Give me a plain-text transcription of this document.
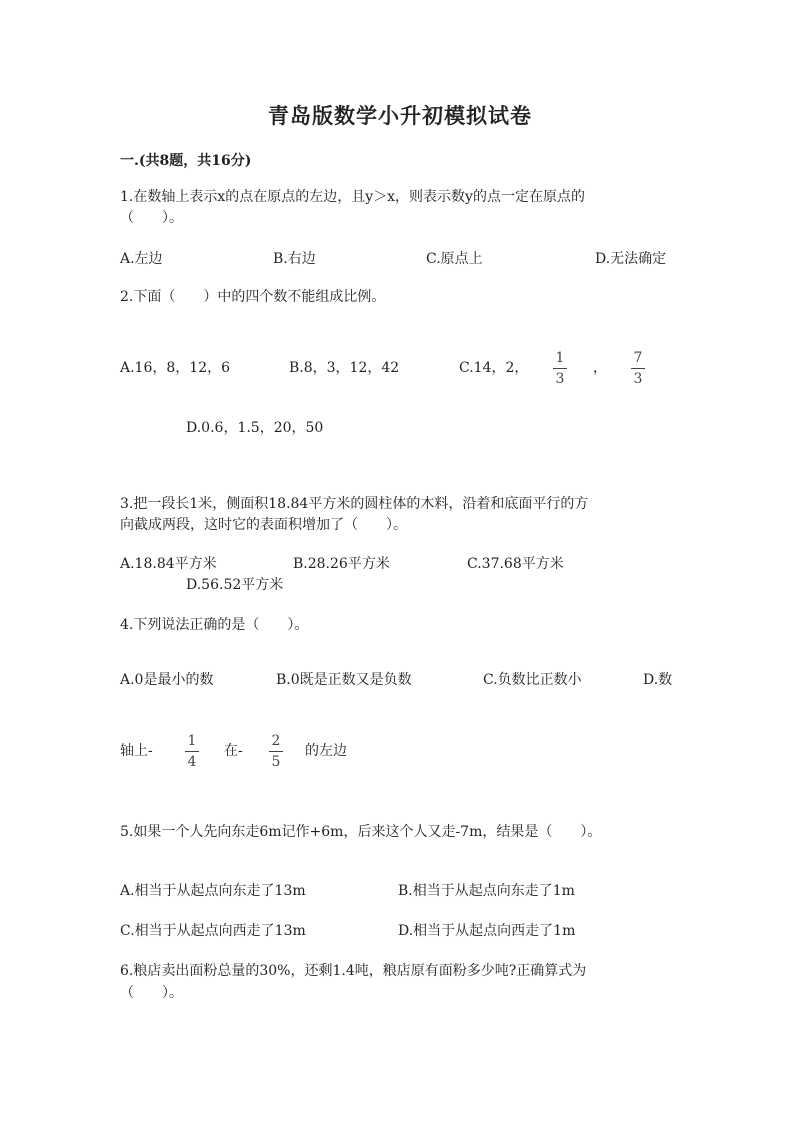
青岛版数学小升初模拟试卷
一.(共8题，共16分)
1.在数轴上表示x的点在原点的左边，且y＞x，则表示数y的点一定在原点的
（　　）。
A.左边	B.右边	C.原点上	D.无法确定
2.下面（　　）中的四个数不能组成比例。
A.16，8，12，6	B.8，3，12，42	C.14，2，
1
3
，
7
3
D.0.6，1.5，20，50
3.把一段长1米，侧面积18.84平方米的圆柱体的木料，沿着和底面平行的方
向截成两段，这时它的表面积增加了（　　）。
A.18.84平方米	B.28.26平方米	C.37.68平方米
D.56.52平方米
4.下列说法正确的是（　　）。
A.0是最小的数	B.0既是正数又是负数	C.负数比正数小	D.数
轴上-
1
4
在-
2
5
的左边
5.如果一个人先向东走6m记作+6m，后来这个人又走-7m，结果是（　　）。
A.相当于从起点向东走了13m	B.相当于从起点向东走了1m
C.相当于从起点向西走了13m	D.相当于从起点向西走了1m
6.粮店卖出面粉总量的30%，还剩1.4吨，粮店原有面粉多少吨?正确算式为
（　　）。
